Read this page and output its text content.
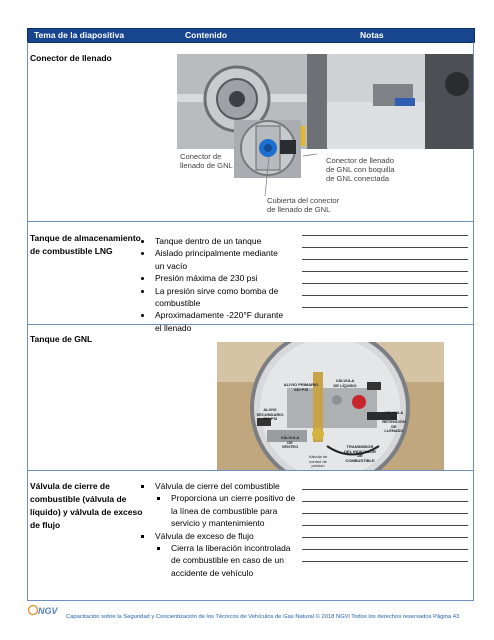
Tema de la diapositiva	Contenido	Notas
Conector de llenado
Conector de
llenado de GNL
Conector de llenado
de GNL con boquilla
de GNL conectada
Cubierta del conector
de llenado de GNL
Tanque de almacenamiento
de combustible LNG
• Tanque dentro de un tanque
• Aislado principalmente mediante un vacío
• Presión máxima de 230 psi
• La presión sirve como bomba de combustible
• Aproximadamente -220°F durante el llenado
Tanque de GNL
ALIVIO PRIMARIO
230 PSI
VÁLVULA
DE LÍQUIDO
ALIVIO
SECUNDARIO
350 PSI
VÁLVULA
DE
RETENCIÓN
DE
LLENADO
VÁLVULA
DE
VENTEO
Válvula de
control de
presión
TRANSMISOR
DEL INDICADOR
DE
COMBUSTIBLE
Válvula de cierre de
combustible (válvula de
líquido) y válvula de exceso
de flujo
▪ Válvula de cierre del combustible
▪ Proporciona un cierre positivo de la línea de combustible para servicio y mantenimiento
▪ Válvula de exceso de flujo
▪ Cierra la liberación incontrolada de combustible en caso de un accidente de vehículo
NGV
Capacitación sobre la Seguridad y Concientización de los Técnicos de Vehículos de Gas Natural © 2018 NGVi Todos los derechos reservados Página 43
